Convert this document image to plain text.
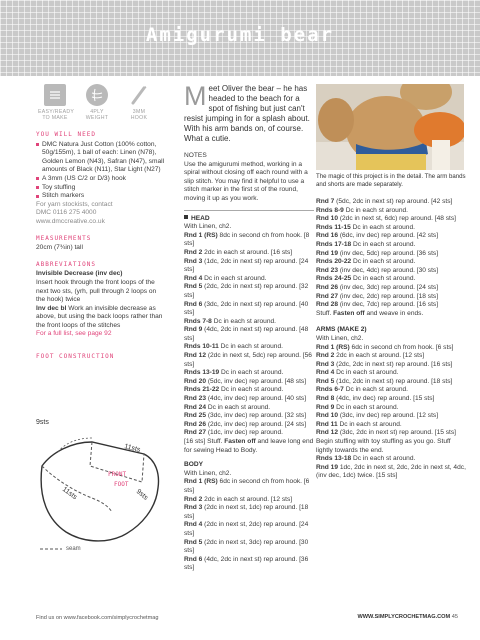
Amigurumi bear
EASY/READY
TO MAKE
4PLY
WEIGHT
3MM
HOOK
YOU WILL NEED
DMC Natura Just Cotton (100% cotton, 50g/155m), 1 ball of each: Linen (N78), Golden Lemon (N43), Safran (N47), small amounts of Black (N11), Star Light (N27)
A 3mm (US C/2 or D/3) hook
Toy stuffing
Stitch markers
For yarn stockists, contact
DMC 0116 275 4000
www.dmccreative.co.uk
MEASUREMENTS
20cm (7¾in) tall
ABBREVIATIONS
Invisible Decrease (inv dec)
Insert hook through the front loops of the next two sts, (yrh, pull through 2 loops on the hook) twice
Inv dec bl Work an invisible decrease as above, but using the back loops rather than the front loops of the stitches
For a full list, see page 92
FOOT CONSTRUCTION
9sts
11sts
FRONT
FOOT
11sts	9sts
seam
Meet Oliver the bear – he has headed to the beach for a spot of fishing but just can't resist jumping in for a splash about. With his arm bands on, of course. What a cutie.
NOTES
Use the amigurumi method, working in a spiral without closing off each round with a slip stitch. You may find it helpful to use a stitch marker in the first st of the round, moving it up as you work.
HEAD
With Linen, ch2.
Rnd 1 (RS) 8dc in second ch from hook. [8 sts]
Rnd 2 2dc in each st around. [16 sts]
Rnd 3 (1dc, 2dc in next st) rep around. [24 sts]
Rnd 4 Dc in each st around.
Rnd 5 (2dc, 2dc in next st) rep around. [32 sts]
Rnd 6 (3dc, 2dc in next st) rep around. [40 sts]
Rnds 7-8 Dc in each st around.
Rnd 9 (4dc, 2dc in next st) rep around. [48 sts]
Rnds 10-11 Dc in each st around.
Rnd 12 (2dc in next st, 5dc) rep around. [56 sts]
Rnds 13-19 Dc in each st around.
Rnd 20 (5dc, inv dec) rep around. [48 sts]
Rnds 21-22 Dc in each st around.
Rnd 23 (4dc, inv dec) rep around. [40 sts]
Rnd 24 Dc in each st around.
Rnd 25 (3dc, inv dec) rep around. [32 sts]
Rnd 26 (2dc, inv dec) rep around. [24 sts]
Rnd 27 (1dc, inv dec) rep around.
[16 sts] Stuff. Fasten off and leave long end for sewing Head to Body.
BODY
With Linen, ch2.
Rnd 1 (RS) 6dc in second ch from hook. [6 sts]
Rnd 2 2dc in each st around. [12 sts]
Rnd 3 (2dc in next st, 1dc) rep around. [18 sts]
Rnd 4 (2dc in next st, 2dc) rep around. [24 sts]
Rnd 5 (2dc in next st, 3dc) rep around. [30 sts]
Rnd 6 (4dc, 2dc in next st) rep around. [36 sts]
The magic of this project is in the detail. The arm bands and shorts are made separately.
Rnd 7 (5dc, 2dc in next st) rep around. [42 sts]
Rnds 8-9 Dc in each st around.
Rnd 10 (2dc in next st, 6dc) rep around. [48 sts]
Rnds 11-15 Dc in each st around.
Rnd 16 (6dc, inv dec) rep around. [42 sts]
Rnds 17-18 Dc in each st around.
Rnd 19 (inv dec, 5dc) rep around. [36 sts]
Rnds 20-22 Dc in each st around.
Rnd 23 (inv dec, 4dc) rep around. [30 sts]
Rnds 24-25 Dc in each st around.
Rnd 26 (inv dec, 3dc) rep around. [24 sts]
Rnd 27 (inv dec, 2dc) rep around. [18 sts]
Rnd 28 (inv dec, 7dc) rep around. [16 sts]
Stuff. Fasten off and weave in ends.
ARMS (MAKE 2)
With Linen, ch2.
Rnd 1 (RS) 6dc in second ch from hook. [6 sts]
Rnd 2 2dc in each st around. [12 sts]
Rnd 3 (2dc, 2dc in next st) rep around. [16 sts]
Rnd 4 Dc in each st around.
Rnd 5 (1dc, 2dc in next st) rep around. [18 sts]
Rnds 6-7 Dc in each st around.
Rnd 8 (4dc, inv dec) rep around. [15 sts]
Rnd 9 Dc in each st around.
Rnd 10 (3dc, inv dec) rep around. [12 sts]
Rnd 11 Dc in each st around.
Rnd 12 (3dc, 2dc in next st) rep around. [15 sts] Begin stuffing with toy stuffing as you go. Stuff lightly towards the end.
Rnds 13-18 Dc in each st around.
Rnd 19 1dc, 2dc in next st, 2dc, 2dc in next st, 4dc, (inv dec, 1dc) twice. [15 sts]
Find us on www.facebook.com/simplycrochetmag	WWW.SIMPLYCROCHETMAG.COM 45
